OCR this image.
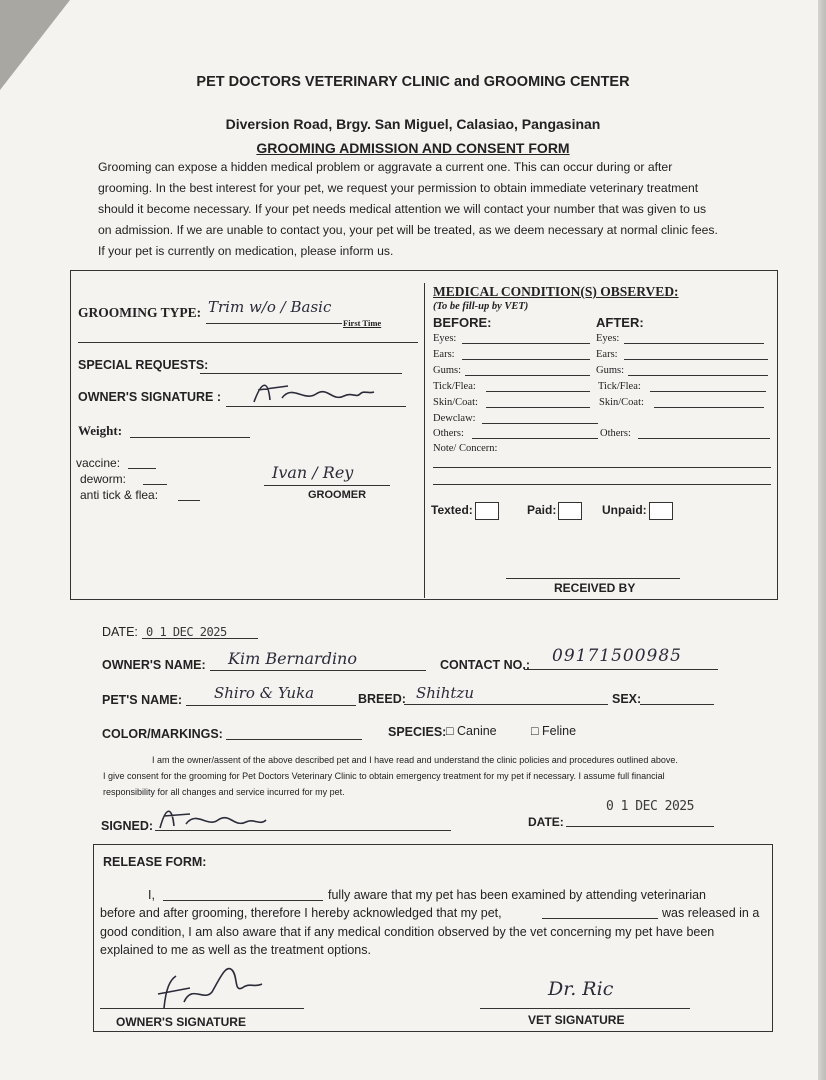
PET DOCTORS VETERINARY CLINIC and GROOMING CENTER
Diversion Road, Brgy. San Miguel, Calasiao, Pangasinan
GROOMING ADMISSION AND CONSENT FORM
Grooming can expose a hidden medical problem or aggravate a current one. This can occur during or after
grooming. In the best interest for your pet, we request your permission to obtain immediate veterinary treatment
should it become necessary. If your pet needs medical attention we will contact your number that was given to us
on admission. If we are unable to contact you, your pet will be treated, as we deem necessary at normal clinic fees.
If your pet is currently on medication, please inform us.
GROOMING TYPE: Trim w/o / Basic
First Time
SPECIAL REQUESTS:
OWNER'S SIGNATURE :
Weight:
vaccine:
deworm:
anti tick & flea:
Ivan / Rey
GROOMER
MEDICAL CONDITION(S) OBSERVED:
(To be fill-up by VET)
BEFORE:	AFTER:
Eyes:	Eyes:
Ears:	Ears:
Gums:	Gums:
Tick/Flea:	Tick/Flea:
Skin/Coat:	Skin/Coat:
Dewclaw:
Others:	Others:
Note/ Concern:
Texted:	Paid:	Unpaid:
RECEIVED BY
DATE: 0 1 DEC 2025
OWNER'S NAME: Kim Bernardino	CONTACT NO.: 09171500985
PET'S NAME: Shiro & Yuka	BREED: Shihtzu	SEX:
COLOR/MARKINGS:	SPECIES: □ Canine	□ Feline
I am the owner/assent of the above described pet and I have read and understand the clinic policies and procedures outlined above.
I give consent for the grooming for Pet Doctors Veterinary Clinic to obtain emergency treatment for my pet if necessary. I assume full financial
responsibility for all changes and service incurred for my pet.
SIGNED:	DATE:
0 1 DEC 2025
RELEASE FORM:
I,	fully aware that my pet has been examined by attending veterinarian
before and after grooming, therefore I hereby acknowledged that my pet,	was released in a
good condition, I am also aware that if any medical condition observed by the vet concerning my pet have been
explained to me as well as the treatment options.
OWNER'S SIGNATURE
Dr. Ric
VET SIGNATURE
